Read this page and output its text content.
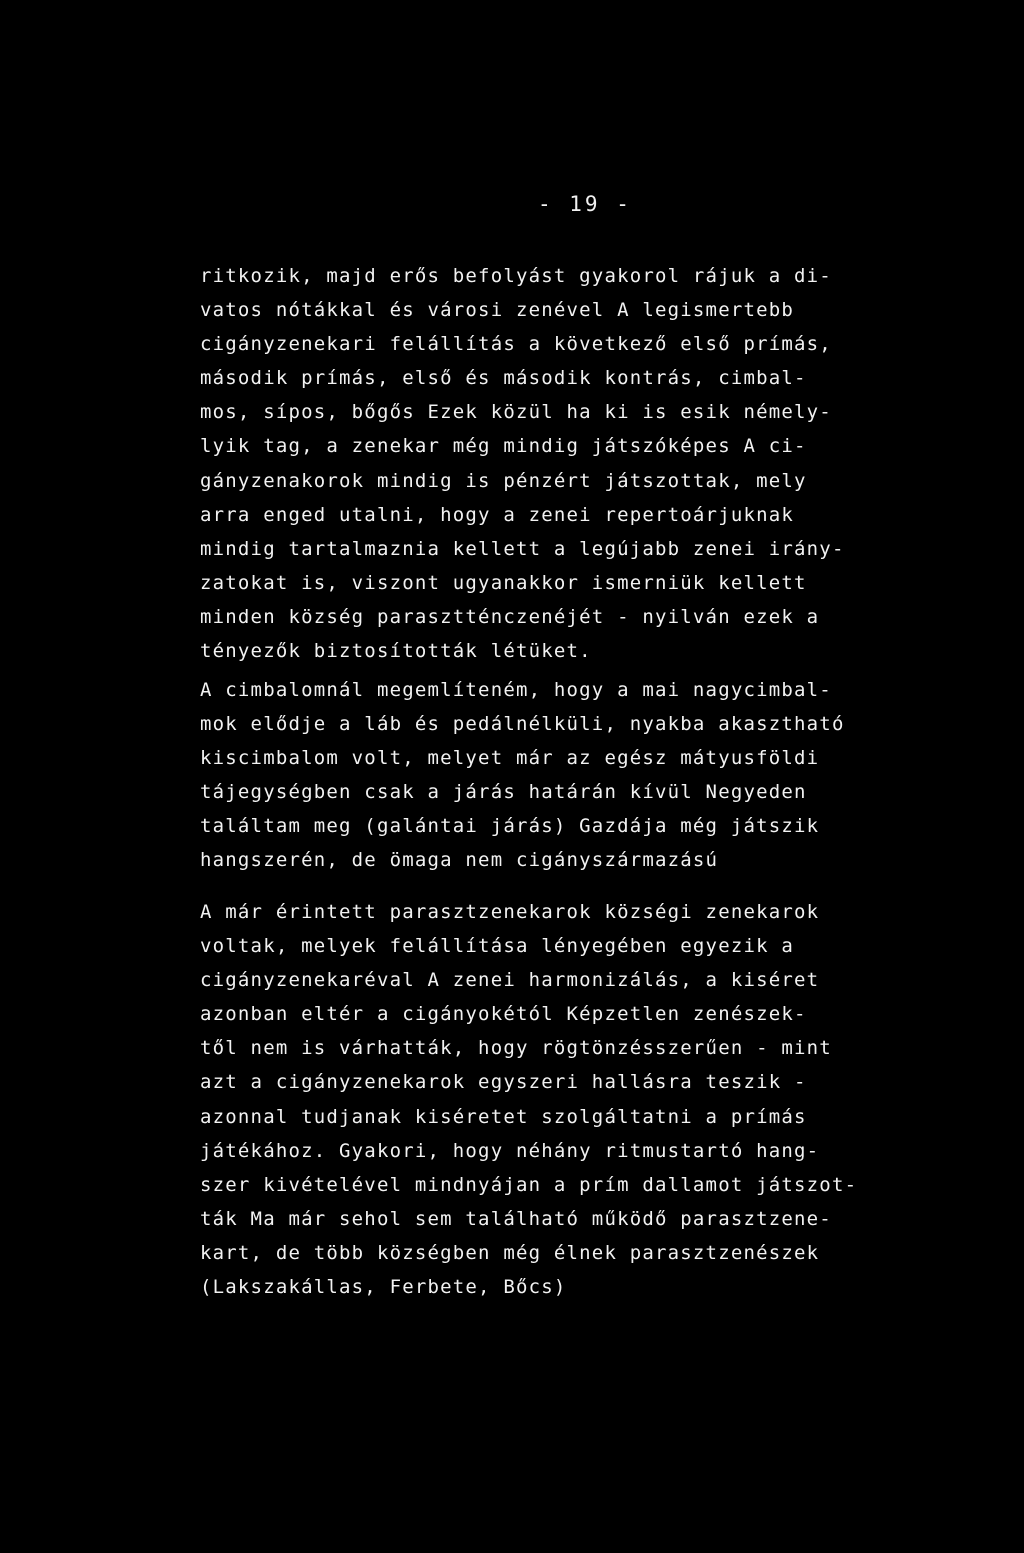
- 19 -
ritkozik, majd erős befolyást gyakorol rájuk a di-
vatos nótákkal és városi zenével A legismertebb
cigányzenekari felállítás a következő első prímás,
második prímás, első és második kontrás, cimbal-
mos, sípos, bőgős Ezek közül ha ki is esik némely-
lyik tag, a zenekar még mindig játszóképes A ci-
gányzenakorok mindig is pénzért játszottak, mely
arra enged utalni, hogy a zenei repertoárjuknak
mindig tartalmaznia kellett a legújabb zenei irány-
zatokat is, viszont ugyanakkor ismerniük kellett
minden község parasztténczenéjét - nyilván ezek a
tényezők biztosították létüket.
A cimbalomnál megemlíteném, hogy a mai nagycimbal-
mok elődje a láb és pedálnélküli, nyakba akasztható
kiscimbalom volt, melyet már az egész mátyusföldi
tájegységben csak a járás határán kívül Negyeden
találtam meg (galántai járás) Gazdája még játszik
hangszerén, de ömaga nem cigányszármazású
A már érintett parasztzenekarok községi zenekarok
voltak, melyek felállítása lényegében egyezik a
cigányzenekaréval A zenei harmonizálás, a kiséret
azonban eltér a cigányokétól Képzetlen zenészek-
től nem is várhatták, hogy rögtönzésszerűen - mint
azt a cigányzenekarok egyszeri hallásra teszik -
azonnal tudjanak kiséretet szolgáltatni a prímás
játékához. Gyakori, hogy néhány ritmustartó hang-
szer kivételével mindnyájan a prím dallamot játszot-
ták Ma már sehol sem található működő parasztzene-
kart, de több községben még élnek parasztzenészek
(Lakszakállas, Ferbete, Bőcs)
